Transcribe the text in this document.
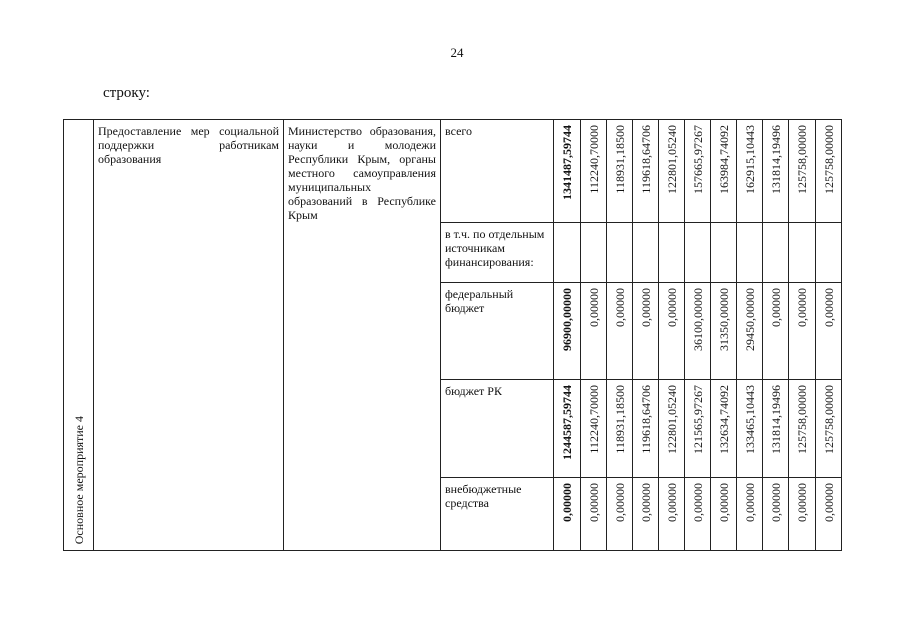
24
строку:
Основное мероприятие 4	Предоставление мер социальной поддержки работникам образования	Министерство образования, науки и молодежи Республики Крым, органы местного самоуправления муниципальных образований в Республике Крым	всего	1341487,59744	112240,70000	118931,18500	119618,64706	122801,05240	157665,97267	163984,74092	162915,10443	131814,19496	125758,00000	125758,00000

			в т.ч. по отдельным источникам финансирования:											

			федеральный бюджет	96900,00000	0,00000	0,00000	0,00000	0,00000	36100,00000	31350,00000	29450,00000	0,00000	0,00000	0,00000

			бюджет РК	1244587,59744	112240,70000	118931,18500	119618,64706	122801,05240	121565,97267	132634,74092	133465,10443	131814,19496	125758,00000	125758,00000

			внебюджетные средства	0,00000	0,00000	0,00000	0,00000	0,00000	0,00000	0,00000	0,00000	0,00000	0,00000	0,00000
